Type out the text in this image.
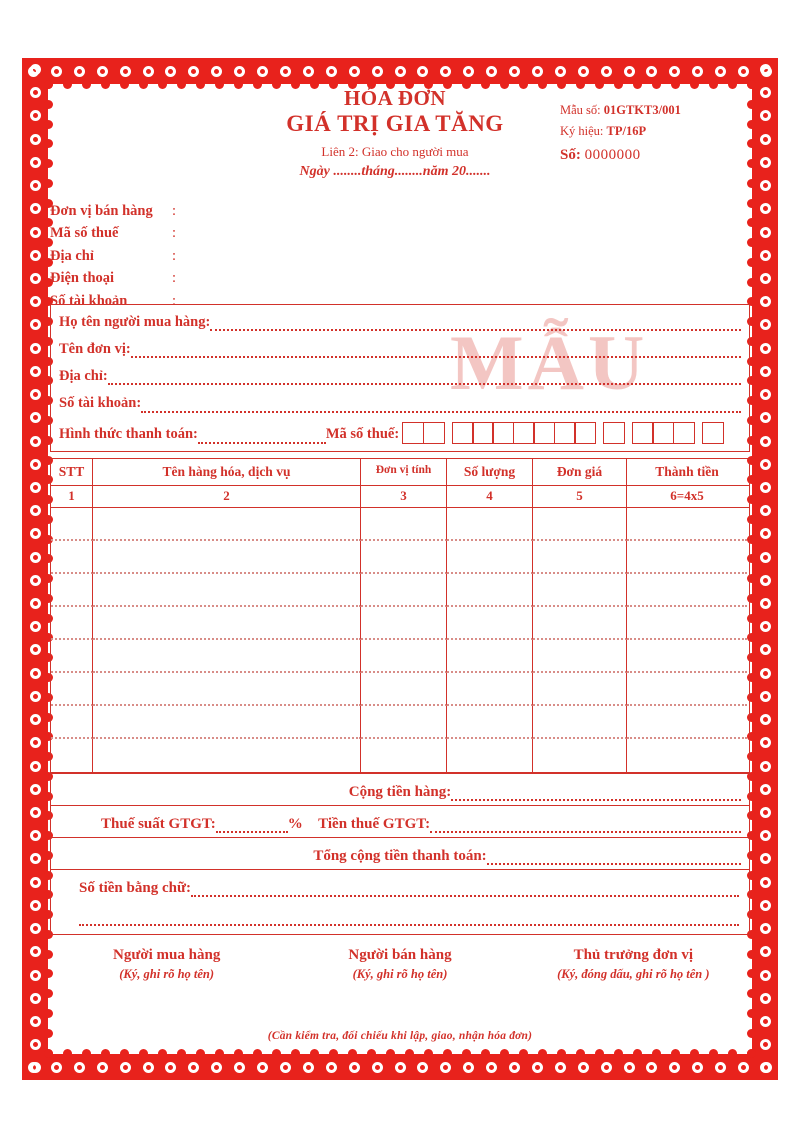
MẪU
HÓA ĐƠN
GIÁ TRỊ GIA TĂNG
Liên 2: Giao cho người mua
Ngày ........tháng........năm 20.......
Mẫu số: 01GTKT3/001
Ký hiệu: TP/16P
Số: 0000000
Đơn vị bán hàng	:
Mã số thuế	:
Địa chỉ	:
Điện thoại	:
Số tài khoản	:
Họ tên người mua hàng:
Tên đơn vị:
Địa chỉ:
Số tài khoản:
Hình thức thanh toán:	Mã số thuế:
STT	Tên hàng hóa, dịch vụ	Đơn vị tính	Số lượng	Đơn giá	Thành tiền
1	2	3	4	5	6=4x5
Cộng tiền hàng:
Thuế suất GTGT:	% Tiền thuế GTGT:
Tổng cộng tiền thanh toán:
Số tiền bằng chữ:
Người mua hàng
(Ký, ghi rõ họ tên)
Người bán hàng
(Ký, ghi rõ họ tên)
Thủ trưởng đơn vị
(Ký, đóng dấu, ghi rõ họ tên )
(Cần kiểm tra, đối chiếu khi lập, giao, nhận hóa đơn)
